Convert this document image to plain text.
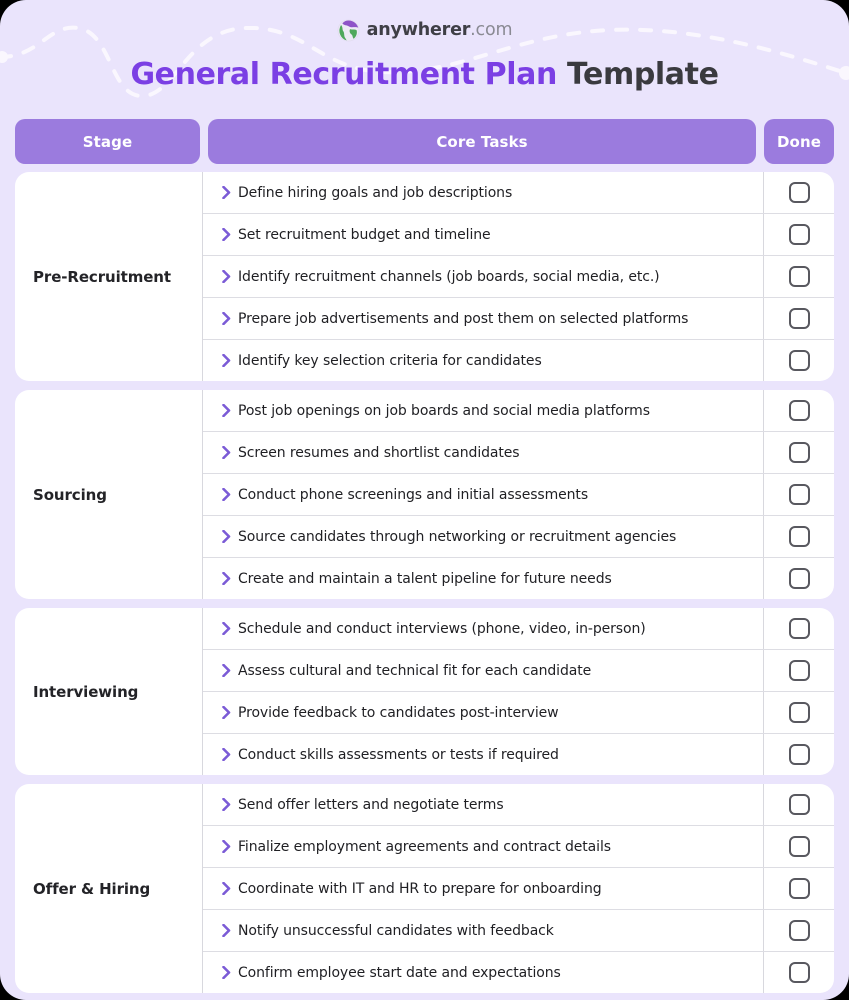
anywherer.com
General Recruitment Plan Template
Stage	Core Tasks	Done
Pre-Recruitment
Define hiring goals and job descriptions
Set recruitment budget and timeline
Identify recruitment channels (job boards, social media, etc.)
Prepare job advertisements and post them on selected platforms
Identify key selection criteria for candidates
Sourcing
Post job openings on job boards and social media platforms
Screen resumes and shortlist candidates
Conduct phone screenings and initial assessments
Source candidates through networking or recruitment agencies
Create and maintain a talent pipeline for future needs
Interviewing
Schedule and conduct interviews (phone, video, in-person)
Assess cultural and technical fit for each candidate
Provide feedback to candidates post-interview
Conduct skills assessments or tests if required
Offer & Hiring
Send offer letters and negotiate terms
Finalize employment agreements and contract details
Coordinate with IT and HR to prepare for onboarding
Notify unsuccessful candidates with feedback
Confirm employee start date and expectations
